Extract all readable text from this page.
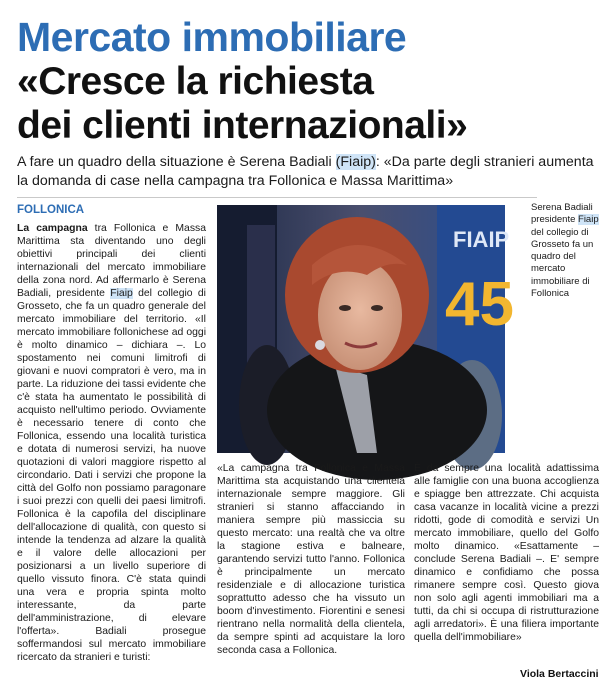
Mercato immobiliare
«Cresce la richiesta
dei clienti internazionali»
A fare un quadro della situazione è Serena Badiali (Fiaip): «Da parte degli stranieri aumenta la domanda di case nella campagna tra Follonica e Massa Marittima»
FOLLONICA
La campagna tra Follonica e Massa Marittima sta diventando uno degli obiettivi principali dei clienti internazionali del mercato immobiliare della zona nord. Ad affermarlo è Serena Badiali, presidente Fiaip del collegio di Grosseto, che fa un quadro generale del mercato immobiliare del territorio. «Il mercato immobiliare follonichese ad oggi è molto dinamico – dichiara –. Lo spostamento nei comuni limitrofi di giovani e nuovi compratori è vero, ma in parte. La riduzione dei tassi evidente che c'è stata ha aumentato le possibilità di acquisto nell'ultimo periodo. Ovviamente è necessario tenere di conto che Follonica, essendo una località turistica e dotata di numerosi servizi, ha nuove quotazioni di valori maggiore rispetto al circondario. Dati i servizi che propone la città del Golfo non possiamo paragonare i suoi prezzi con quelli dei paesi limitrofi. Follonica è la capofila del disciplinare dell'allocazione di qualità, con questo si intende la tendenza ad alzare la qualità e il valore delle allocazioni per posizionarsi a un livello superiore di quello vissuto finora. C'è stata quindi una vera e propria spinta molto interessante, da parte dell'amministrazione, di elevare l'offerta». Badiali prosegue soffermandosi sul mercato immobiliare ricercato da stranieri e turisti:
FIAIP
45
Serena Badiali presidente Fiaip del collegio di Grosseto fa un quadro del mercato immobiliare di Follonica
«La campagna tra Follonica e Massa Marittima sta acquistando una clientela internazionale sempre maggiore. Gli stranieri si stanno affacciando in maniera sempre più massiccia su questo mercato: una realtà che va oltre la stagione estiva e balneare, garantendo servizi tutto l'anno. Follonica è principalmente un mercato residenziale e di allocazione turistica soprattutto adesso che ha vissuto un boom d'investimento. Fiorentini e senesi rientrano nella normalità della clientela, da sempre spinti ad acquistare la loro seconda casa a Follonica.
È da sempre una località adattissima alle famiglie con una buona accoglienza e spiagge ben attrezzate. Chi acquista casa vacanze in località vicine a prezzi ridotti, gode di comodità e servizi Un mercato immobiliare, quello del Golfo molto dinamico. «Esattamente – conclude Serena Badiali –. E' sempre dinamico e confidiamo che possa rimanere sempre così. Questo giova non solo agli agenti immobiliari ma a tutti, da chi si occupa di ristrutturazione agli arredatori». È una filiera importante quella dell'immobiliare»
Viola Bertaccini
